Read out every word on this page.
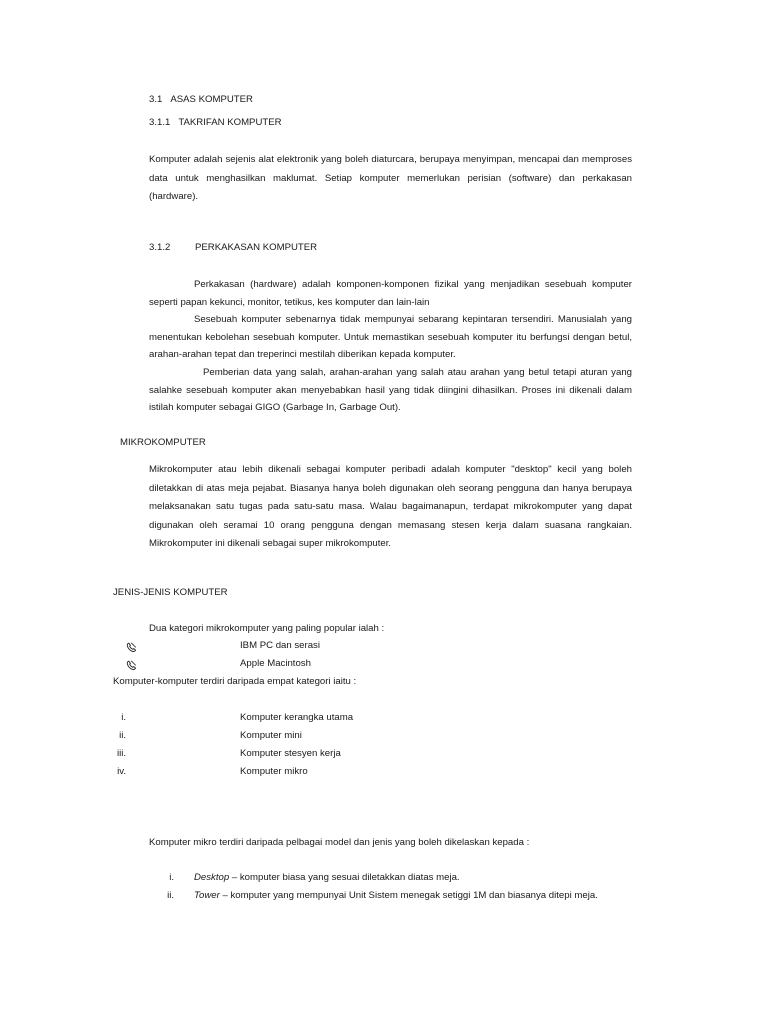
3.1 ASAS KOMPUTER
3.1.1 TAKRIFAN KOMPUTER
Komputer adalah sejenis alat elektronik yang boleh diaturcara, berupaya menyimpan, mencapai dan memproses data untuk menghasilkan maklumat. Setiap komputer memerlukan perisian (software) dan perkakasan (hardware).
3.1.2	PERKAKASAN KOMPUTER
Perkakasan (hardware) adalah komponen-komponen fizikal yang menjadikan sesebuah komputer seperti papan kekunci, monitor, tetikus, kes komputer dan lain-lain
Sesebuah komputer sebenarnya tidak mempunyai sebarang kepintaran tersendiri. Manusialah yang menentukan kebolehan sesebuah komputer. Untuk memastikan sesebuah komputer itu berfungsi dengan betul, arahan-arahan tepat dan treperinci mestilah diberikan kepada komputer.
Pemberian data yang salah, arahan-arahan yang salah atau arahan yang betul tetapi aturan yang salahke sesebuah komputer akan menyebabkan hasil yang tidak diingini dihasilkan. Proses ini dikenali dalam istilah komputer sebagai GIGO (Garbage In, Garbage Out).
MIKROKOMPUTER
Mikrokomputer atau lebih dikenali sebagai komputer peribadi adalah komputer "desktop" kecil yang boleh diletakkan di atas meja pejabat. Biasanya hanya boleh digunakan oleh seorang pengguna dan hanya berupaya melaksanakan satu tugas pada satu-satu masa. Walau bagaimanapun, terdapat mikrokomputer yang dapat digunakan oleh seramai 10 orang pengguna dengan memasang stesen kerja dalam suasana rangkaian. Mikrokomputer ini dikenali sebagai super mikrokomputer.
JENIS-JENIS KOMPUTER
Dua kategori mikrokomputer yang paling popular ialah :
IBM PC dan serasi
Apple Macintosh
Komputer-komputer terdiri daripada empat kategori iaitu :
i.	Komputer kerangka utama
ii.	Komputer mini
iii.	Komputer stesyen kerja
iv.	Komputer mikro
Komputer mikro terdiri daripada pelbagai model dan jenis yang boleh dikelaskan kepada :
i. Desktop – komputer biasa yang sesuai diletakkan diatas meja.
ii. Tower – komputer yang mempunyai Unit Sistem menegak setiggi 1M dan biasanya ditepi meja.
